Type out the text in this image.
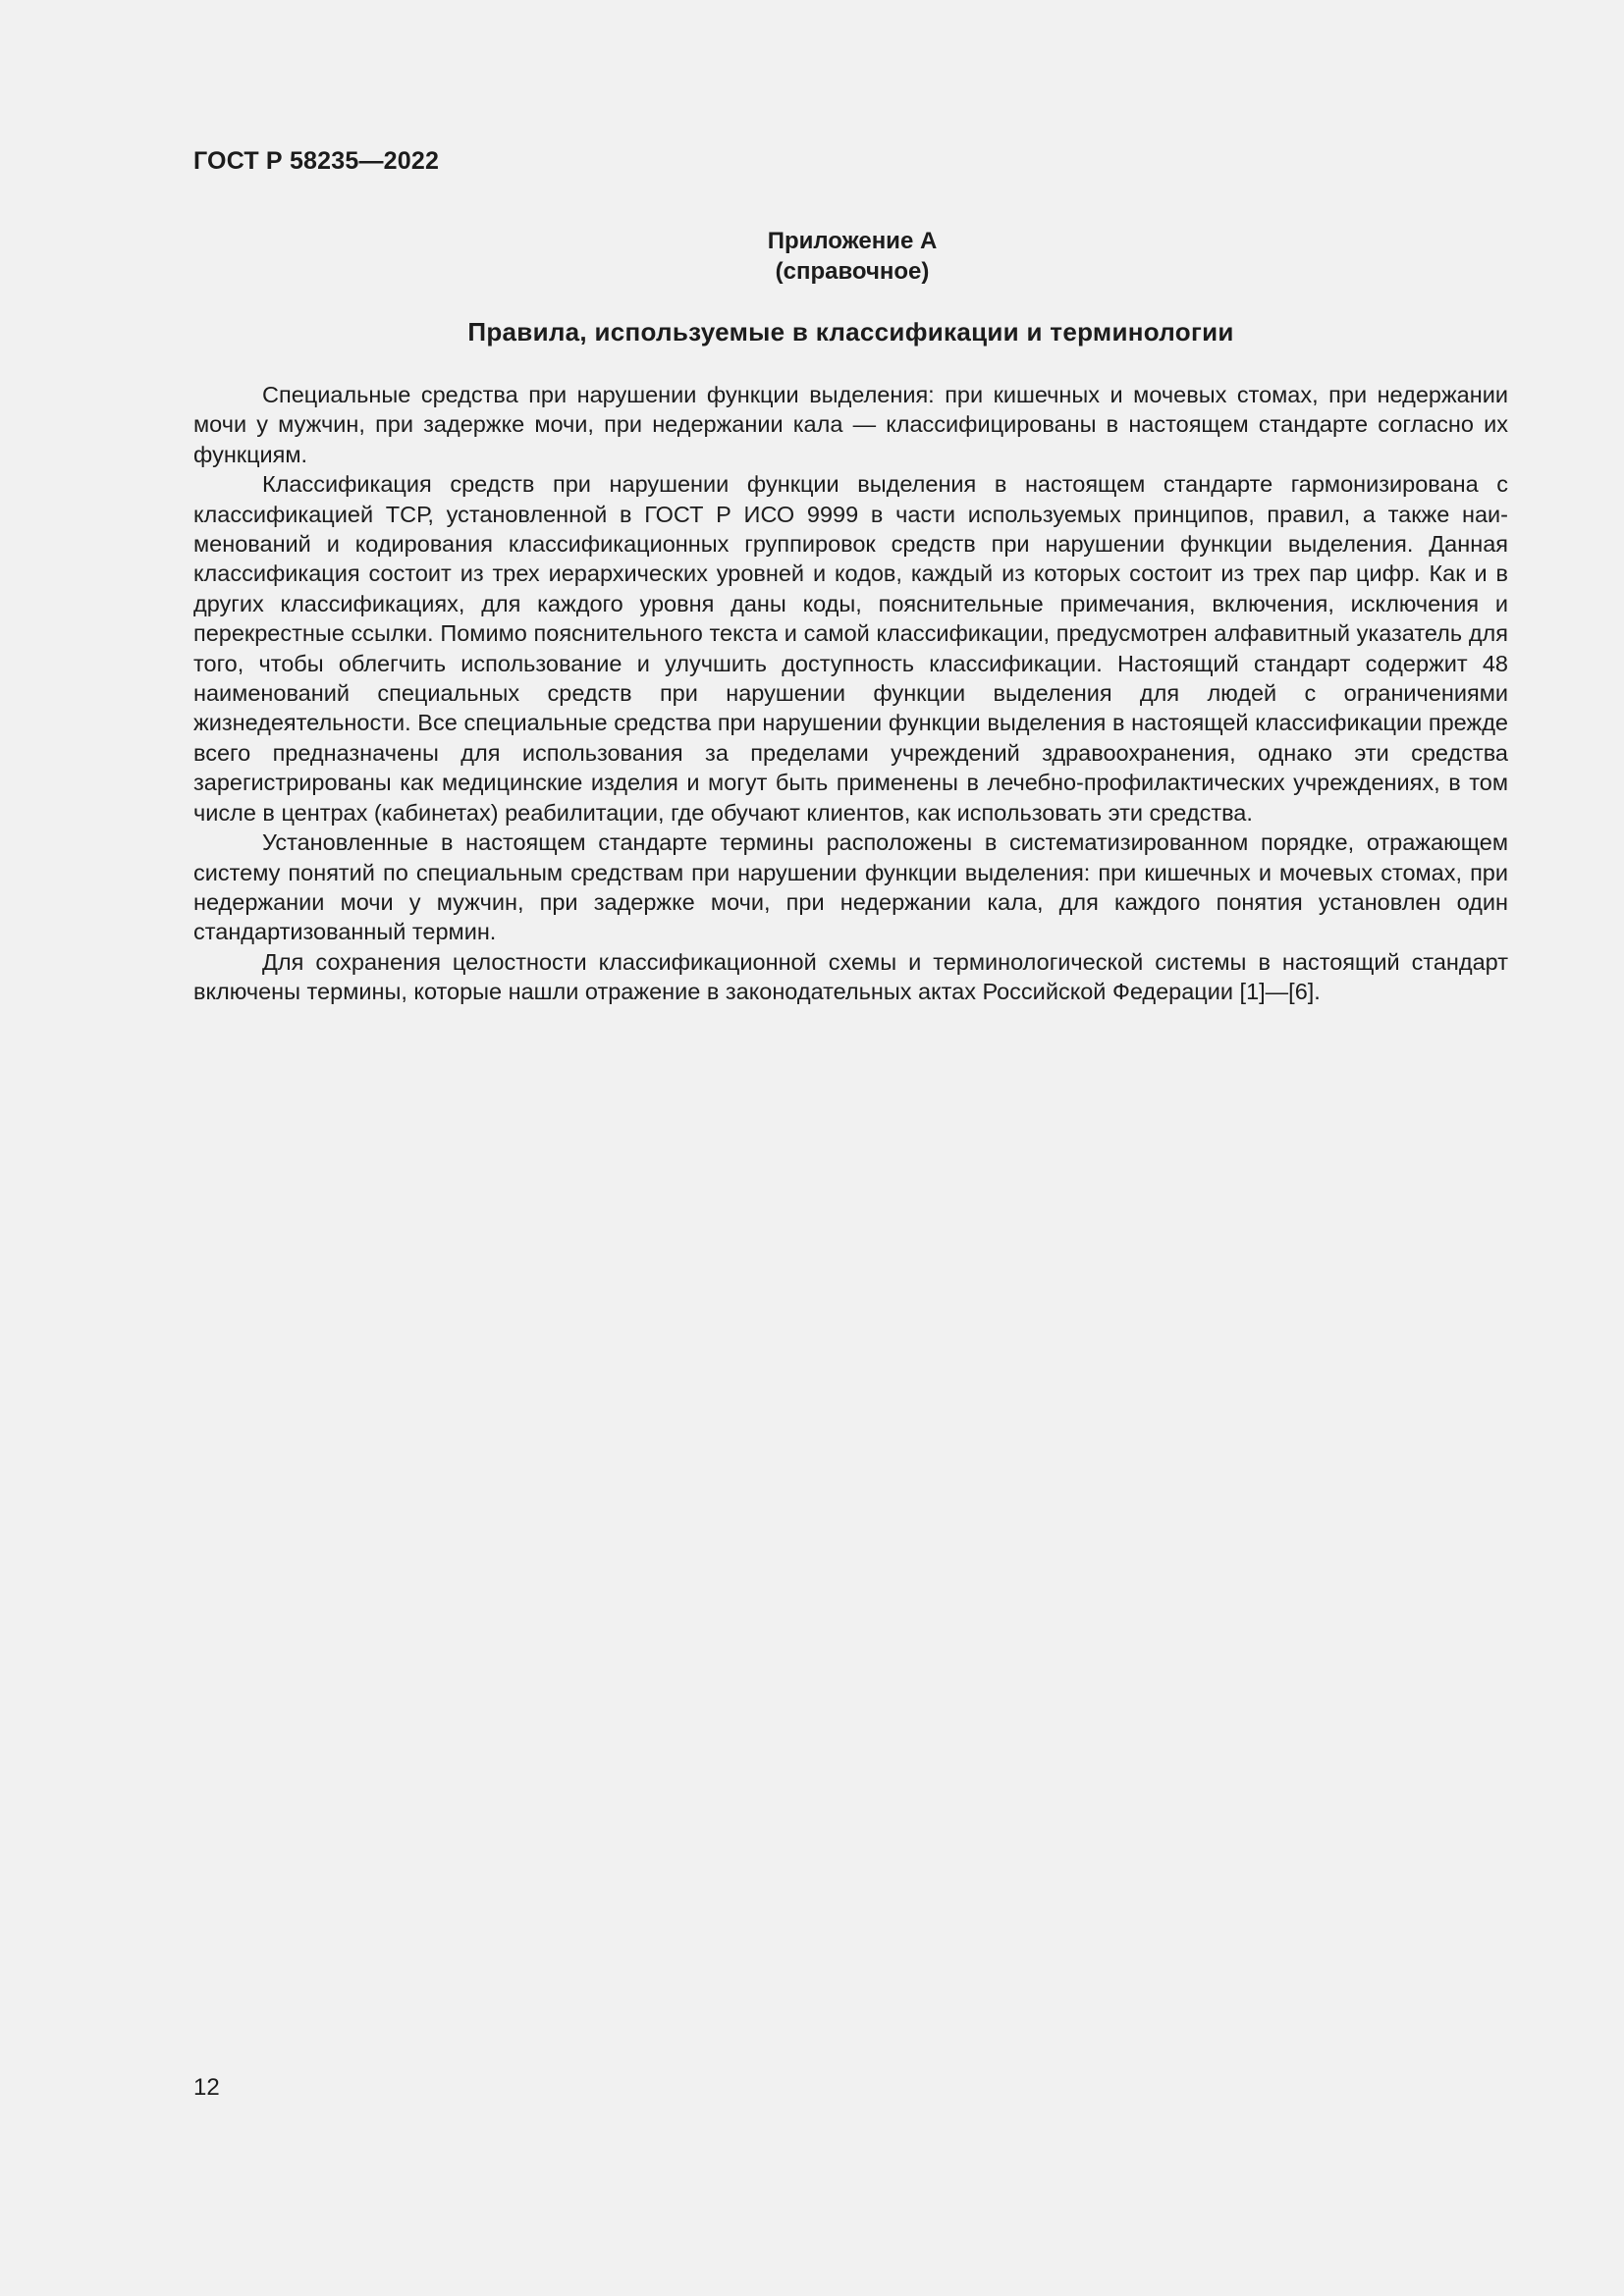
ГОСТ Р 58235—2022

Приложение А

(справочное)

Правила, используемые в классификации и терминологии

Специальные средства при нарушении функции выделения: при кишечных и мочевых стомах, при недержании мочи у мужчин, при задержке мочи, при недержании кала — классифицированы в настоящем стандарте согласно их функциям.

Классификация средств при нарушении функции выделения в настоящем стандарте гармонизирована с классификацией ТСР, установленной в ГОСТ Р ИСО 9999 в части используемых принципов, правил, а также наименований и кодирования классификационных группировок средств при нарушении функции выделения. Данная классификация состоит из трех иерархических уровней и кодов, каждый из которых состоит из трех пар цифр. Как и в других классификациях, для каждого уровня даны коды, пояснительные примечания, включения, исключения и перекрестные ссылки. Помимо пояснительного текста и самой классификации, предусмотрен алфавитный указатель для того, чтобы облегчить использование и улучшить доступность классификации. Настоящий стандарт содержит 48 наименований специальных средств при нарушении функции выделения для людей с ограничениями жизнедеятельности. Все специальные средства при нарушении функции выделения в настоящей классификации прежде всего предназначены для использования за пределами учреждений здравоохранения, однако эти средства зарегистрированы как медицинские изделия и могут быть применены в лечебно-профилактических учреждениях, в том числе в центрах (кабинетах) реабилитации, где обучают клиентов, как использовать эти средства.

Установленные в настоящем стандарте термины расположены в систематизированном порядке, отражающем систему понятий по специальным средствам при нарушении функции выделения: при кишечных и мочевых стомах, при недержании мочи у мужчин, при задержке мочи, при недержании кала, для каждого понятия установлен один стандартизованный термин.

Для сохранения целостности классификационной схемы и терминологической системы в настоящий стандарт включены термины, которые нашли отражение в законодательных актах Российской Федерации [1]—[6].

12
